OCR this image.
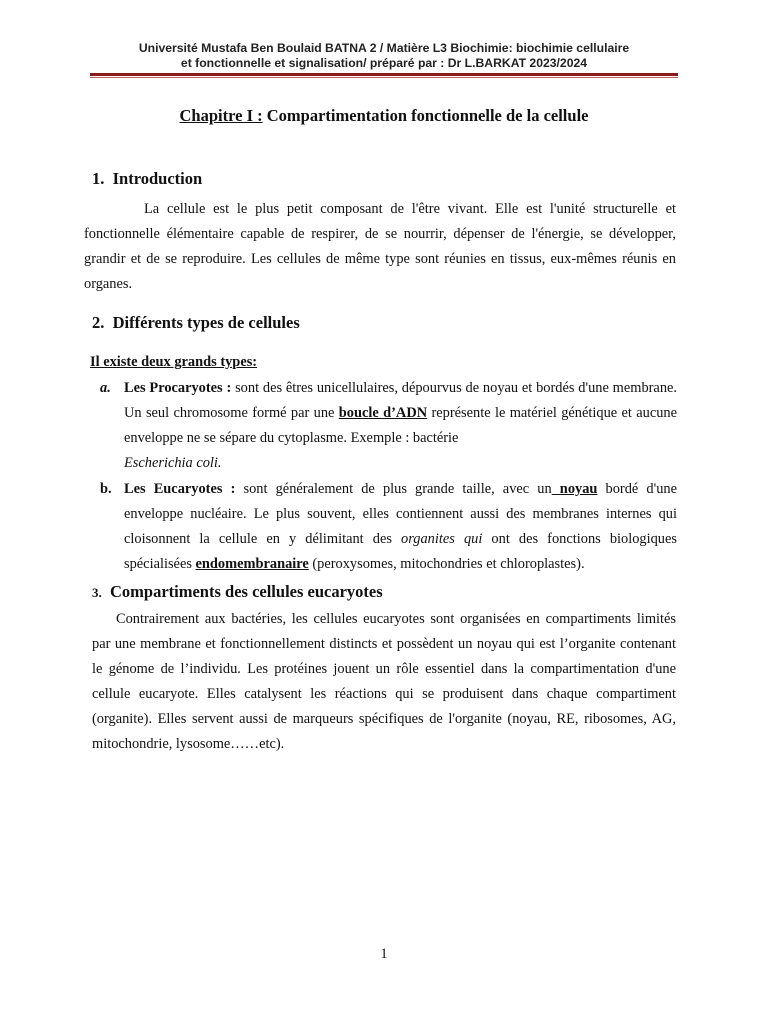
Université Mustafa Ben Boulaid BATNA 2 / Matière L3 Biochimie: biochimie cellulaire
et fonctionnelle et signalisation/ préparé par : Dr L.BARKAT 2023/2024
Chapitre I : Compartimentation fonctionnelle de la cellule
1. Introduction
La cellule est le plus petit composant de l'être vivant. Elle est l'unité structurelle et fonctionnelle élémentaire capable de respirer, de se nourrir, dépenser de l'énergie, se développer, grandir et de se reproduire. Les cellules de même type sont réunies en tissus, eux-mêmes réunis en organes.
2. Différents types de cellules
Il existe deux grands types:
a. Les Procaryotes : sont des êtres unicellulaires, dépourvus de noyau et bordés d'une membrane. Un seul chromosome formé par une boucle d’ADN représente le matériel génétique et aucune enveloppe ne se sépare du cytoplasme. Exemple : bactérie
Escherichia coli.
b. Les Eucaryotes : sont généralement de plus grande taille, avec un noyau bordé d'une enveloppe nucléaire. Le plus souvent, elles contiennent aussi des membranes internes qui cloisonnent la cellule en y délimitant des organites qui ont des fonctions biologiques spécialisées endomembranaire (peroxysomes, mitochondries et chloroplastes).
3. Compartiments des cellules eucaryotes
Contrairement aux bactéries, les cellules eucaryotes sont organisées en compartiments limités par une membrane et fonctionnellement distincts et possèdent un noyau qui est l’organite contenant le génome de l’individu. Les protéines jouent un rôle essentiel dans la compartimentation d'une cellule eucaryote. Elles catalysent les réactions qui se produisent dans chaque compartiment (organite). Elles servent aussi de marqueurs spécifiques de l'organite (noyau, RE, ribosomes, AG, mitochondrie, lysosome……etc).
1
